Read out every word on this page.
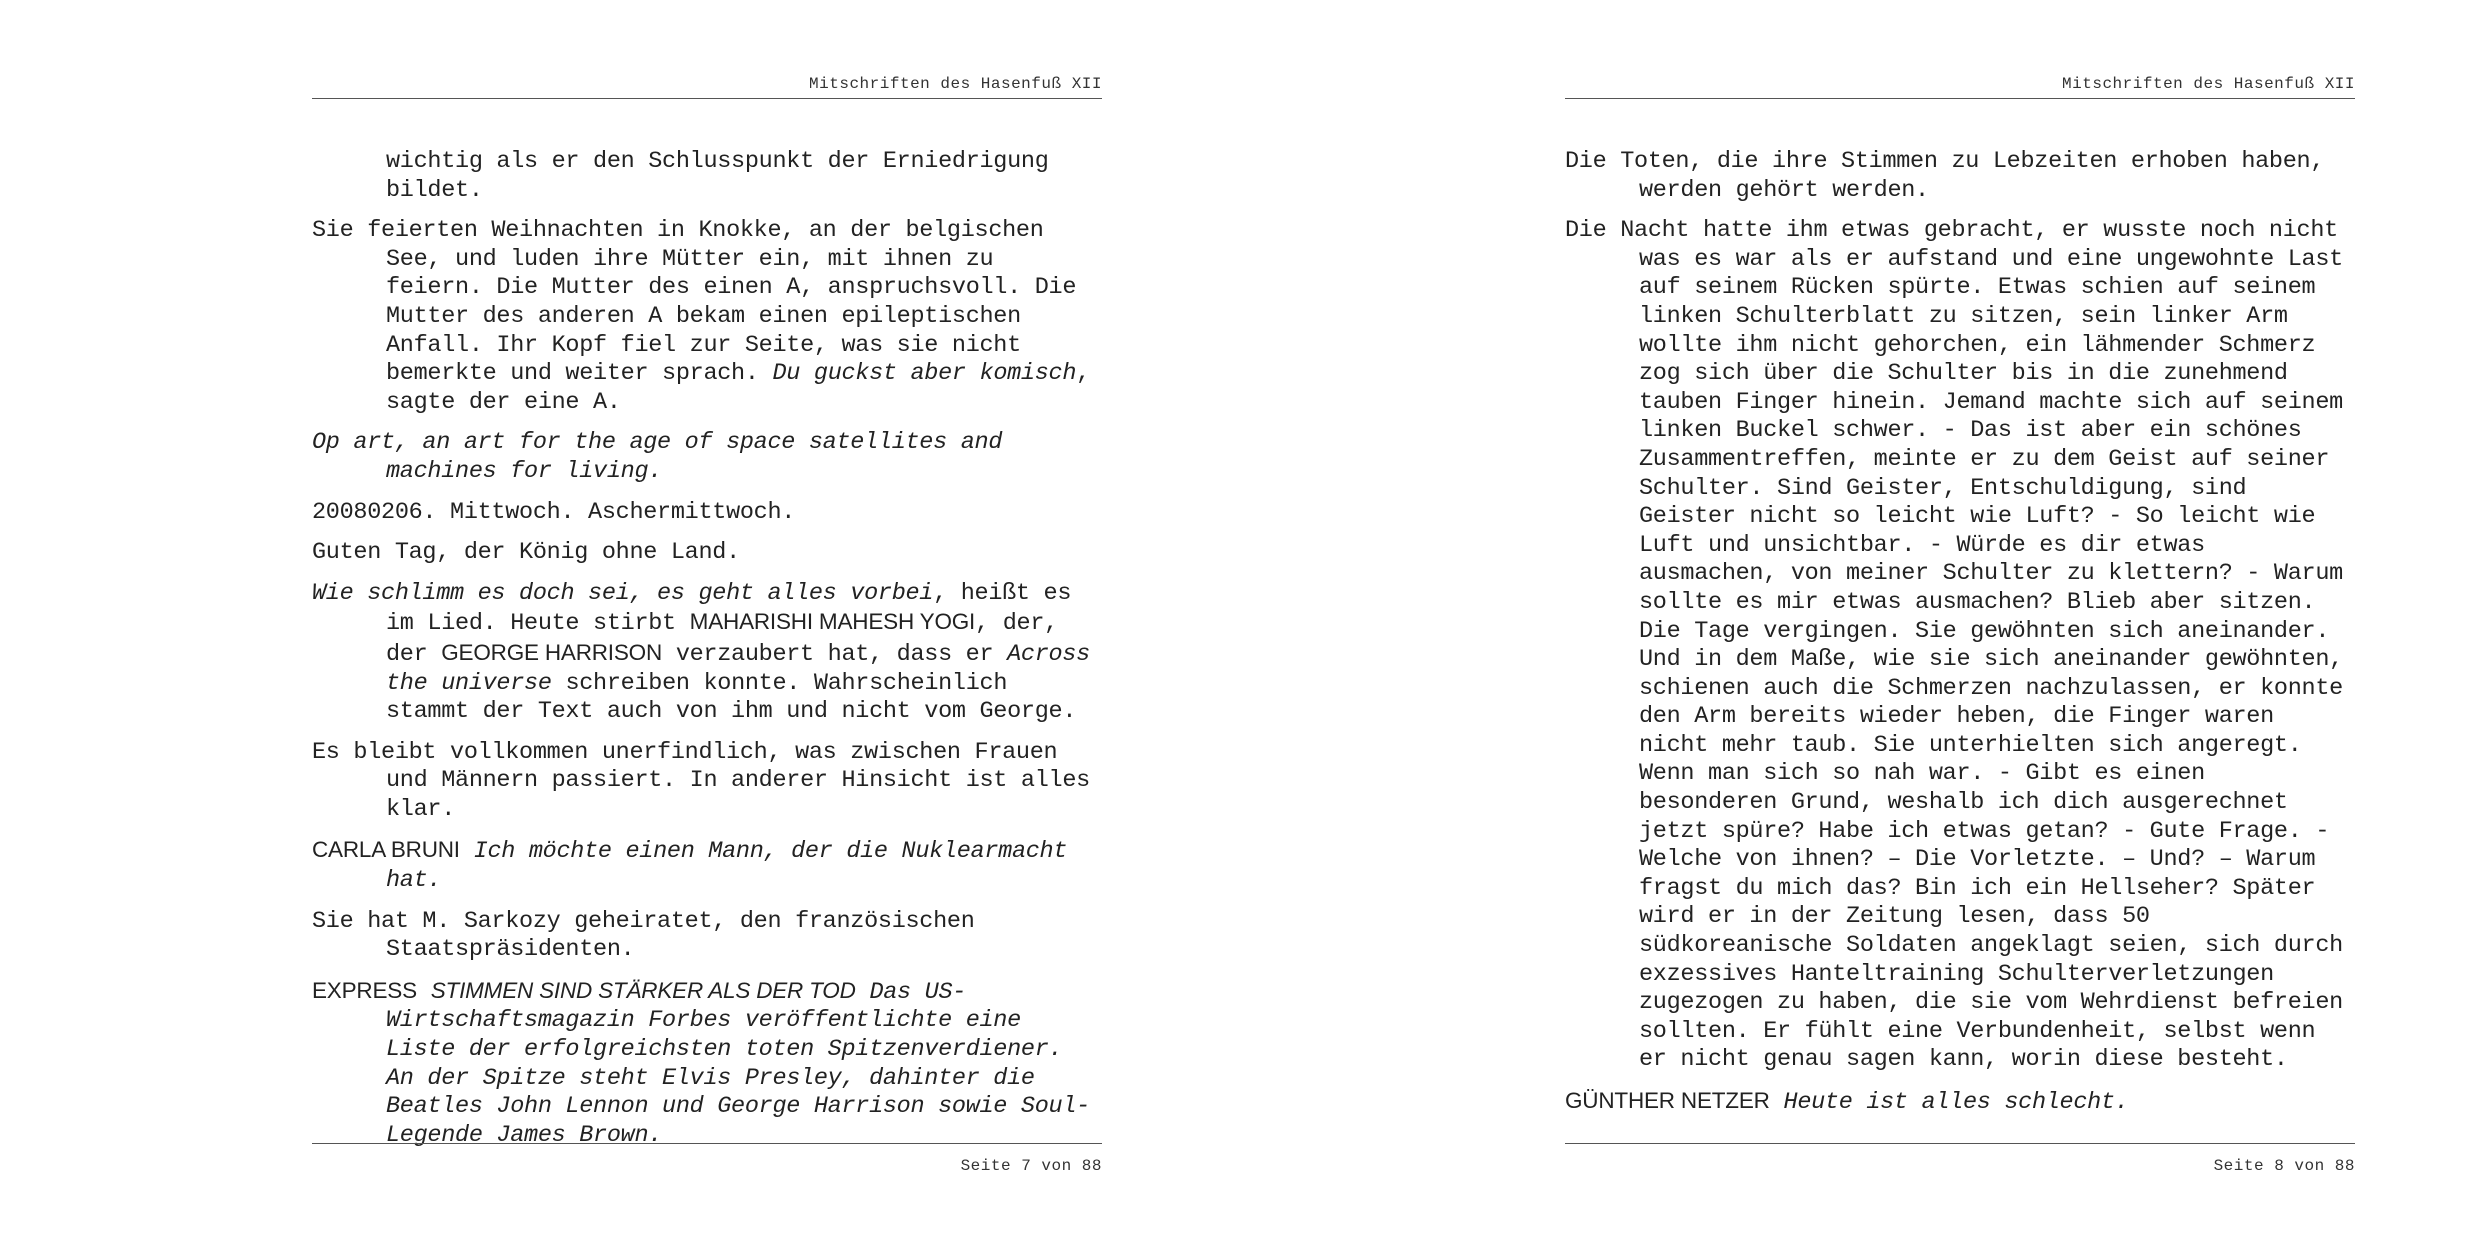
Mitschriften des Hasenfuß XII

wichtig als er den Schlusspunkt der Erniedrigung bildet.

Sie feierten Weihnachten in Knokke, an der belgischen See, und luden ihre Mütter ein, mit ihnen zu feiern. Die Mutter des einen A, anspruchsvoll. Die Mutter des anderen A bekam einen epileptischen Anfall. Ihr Kopf fiel zur Seite, was sie nicht bemerkte und weiter sprach. Du guckst aber komisch, sagte der eine A.

Op art, an art for the age of space satellites and machines for living.

20080206. Mittwoch. Aschermittwoch.

Guten Tag, der König ohne Land.

Wie schlimm es doch sei, es geht alles vorbei, heißt es im Lied. Heute stirbt MAHARISHI MAHESH YOGI, der, der GEORGE HARRISON verzaubert hat, dass er Across the universe schreiben konnte. Wahrscheinlich stammt der Text auch von ihm und nicht vom George.

Es bleibt vollkommen unerfindlich, was zwischen Frauen und Männern passiert. In anderer Hinsicht ist alles klar.

CARLA BRUNI Ich möchte einen Mann, der die Nuklearmacht hat.

Sie hat M. Sarkozy geheiratet, den französischen Staatspräsidenten.

EXPRESS STIMMEN SIND STÄRKER ALS DER TOD Das US-Wirtschaftsmagazin Forbes veröffentlichte eine Liste der erfolgreichsten toten Spitzenverdiener. An der Spitze steht Elvis Presley, dahinter die Beatles John Lennon und George Harrison sowie Soul-Legende James Brown.

Seite 7 von 88
Mitschriften des Hasenfuß XII

Die Toten, die ihre Stimmen zu Lebzeiten erhoben haben, werden gehört werden.

Die Nacht hatte ihm etwas gebracht, er wusste noch nicht was es war als er aufstand und eine ungewohnte Last auf seinem Rücken spürte. Etwas schien auf seinem linken Schulterblatt zu sitzen, sein linker Arm wollte ihm nicht gehorchen, ein lähmender Schmerz zog sich über die Schulter bis in die zunehmend tauben Finger hinein. Jemand machte sich auf seinem linken Buckel schwer. - Das ist aber ein schönes Zusammentreffen, meinte er zu dem Geist auf seiner Schulter. Sind Geister, Entschuldigung, sind Geister nicht so leicht wie Luft? - So leicht wie Luft und unsichtbar. - Würde es dir etwas ausmachen, von meiner Schulter zu klettern? - Warum sollte es mir etwas ausmachen? Blieb aber sitzen. Die Tage vergingen. Sie gewöhnten sich aneinander. Und in dem Maße, wie sie sich aneinander gewöhnten, schienen auch die Schmerzen nachzulassen, er konnte den Arm bereits wieder heben, die Finger waren nicht mehr taub. Sie unterhielten sich angeregt. Wenn man sich so nah war. - Gibt es einen besonderen Grund, weshalb ich dich ausgerechnet jetzt spüre? Habe ich etwas getan? - Gute Frage. - Welche von ihnen? – Die Vorletzte. – Und? – Warum fragst du mich das? Bin ich ein Hellseher? Später wird er in der Zeitung lesen, dass 50 südkoreanische Soldaten angeklagt seien, sich durch exzessives Hanteltraining Schulterverletzungen zugezogen zu haben, die sie vom Wehrdienst befreien sollten. Er fühlt eine Verbundenheit, selbst wenn er nicht genau sagen kann, worin diese besteht.

GÜNTHER NETZER Heute ist alles schlecht.

Seite 8 von 88
